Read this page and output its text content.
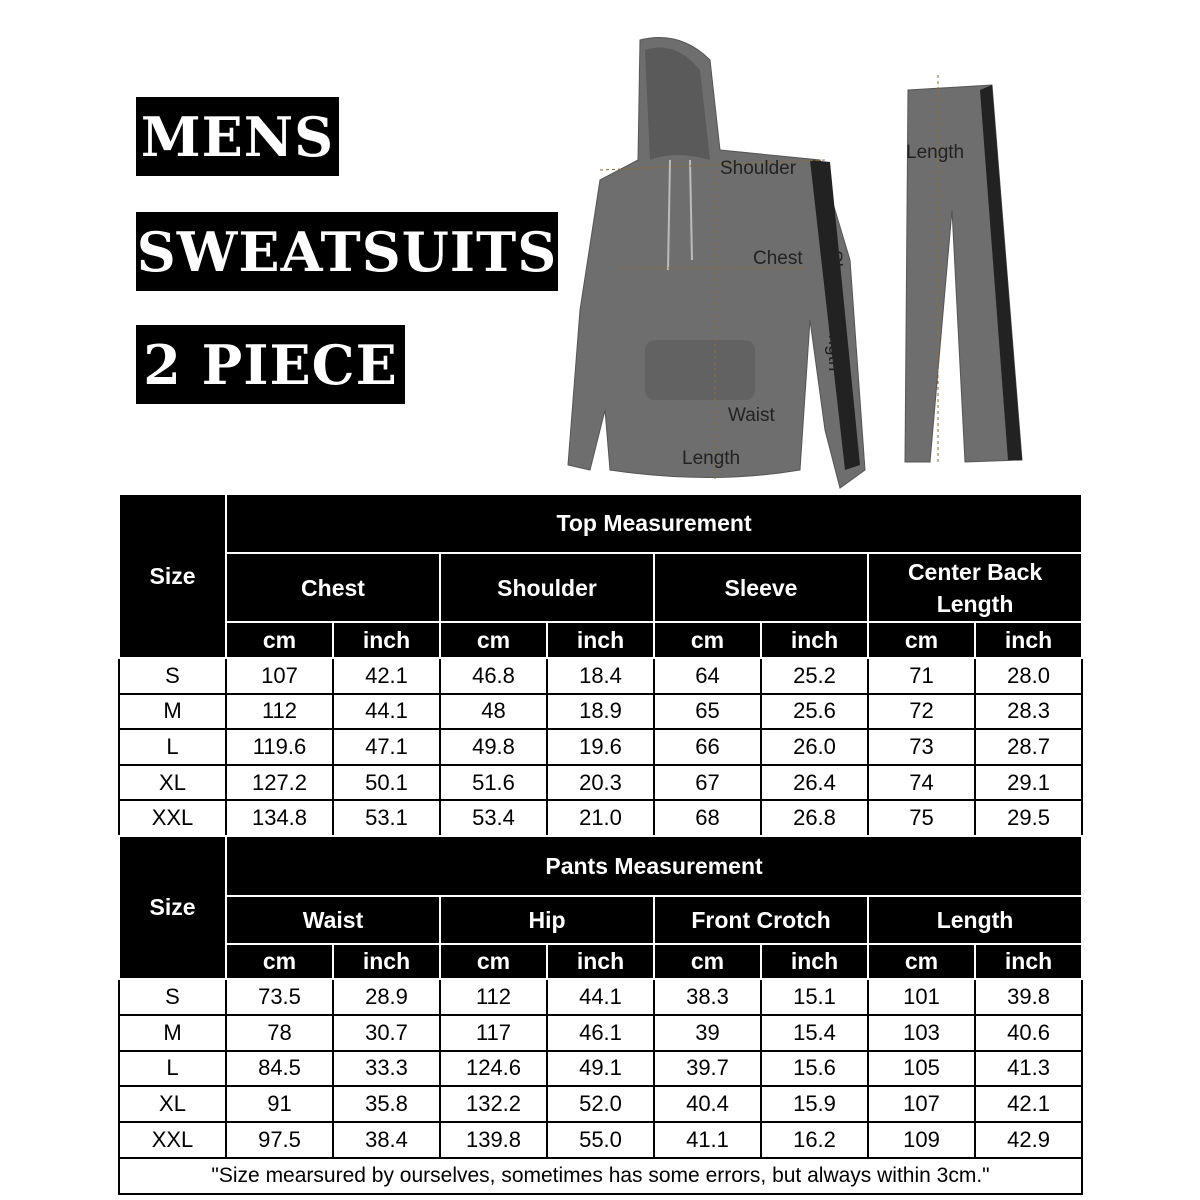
MENS
SWEATSUITS
2 PIECE
Shoulder
Chest Sleeve Length
Waist
Length
Length
Size	Top Measurement							
	Chest		Shoulder		Sleeve		Center Back Length	
	cm	inch	cm	inch	cm	inch	cm	inch
S	107	42.1	46.8	18.4	64	25.2	71	28.0
M	112	44.1	48	18.9	65	25.6	72	28.3
L	119.6	47.1	49.8	19.6	66	26.0	73	28.7
XL	127.2	50.1	51.6	20.3	67	26.4	74	29.1
XXL	134.8	53.1	53.4	21.0	68	26.8	75	29.5
Size	Pants Measurement							
	Waist		Hip		Front Crotch		Length	
	cm	inch	cm	inch	cm	inch	cm	inch
S	73.5	28.9	112	44.1	38.3	15.1	101	39.8
M	78	30.7	117	46.1	39	15.4	103	40.6
L	84.5	33.3	124.6	49.1	39.7	15.6	105	41.3
XL	91	35.8	132.2	52.0	40.4	15.9	107	42.1
XXL	97.5	38.4	139.8	55.0	41.1	16.2	109	42.9
"Size mearsured by ourselves, sometimes has some errors, but always within 3cm."								
